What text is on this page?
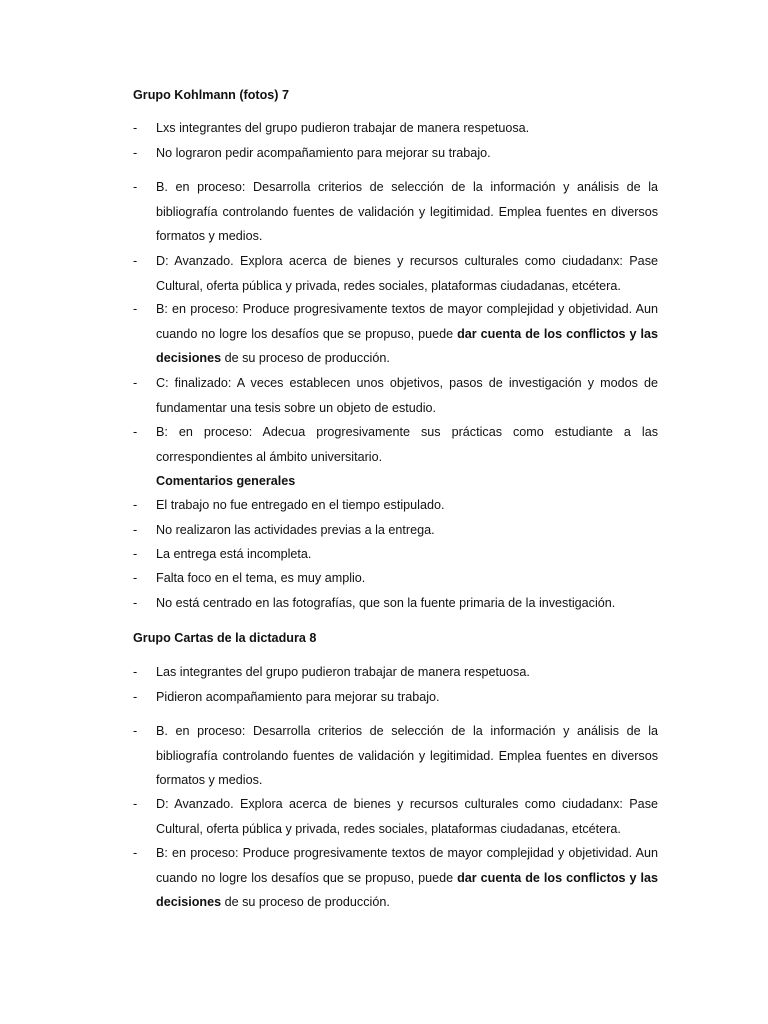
Grupo Kohlmann (fotos) 7
-	Lxs integrantes del grupo pudieron trabajar de manera respetuosa.
-	No lograron pedir acompañamiento para mejorar su trabajo.
-	B. en proceso: Desarrolla criterios de selección de la información y análisis de la bibliografía controlando fuentes de validación y legitimidad. Emplea fuentes en diversos formatos y medios.
-	D: Avanzado. Explora acerca de bienes y recursos culturales como ciudadanx: Pase Cultural, oferta pública y privada, redes sociales, plataformas ciudadanas, etcétera.
-	B: en proceso: Produce progresivamente textos de mayor complejidad y objetividad. Aun cuando no logre los desafíos que se propuso, puede dar cuenta de los conflictos y las decisiones de su proceso de producción.
-	C: finalizado: A veces establecen unos objetivos, pasos de investigación y modos de fundamentar una tesis sobre un objeto de estudio.
-	B: en proceso: Adecua progresivamente sus prácticas como estudiante a las correspondientes al ámbito universitario.
Comentarios generales
-	El trabajo no fue entregado en el tiempo estipulado.
-	No realizaron las actividades previas a la entrega.
-	La entrega está incompleta.
-	Falta foco en el tema, es muy amplio.
-	No está centrado en las fotografías, que son la fuente primaria de la investigación.
Grupo Cartas de la dictadura 8
-	Las integrantes del grupo pudieron trabajar de manera respetuosa.
-	Pidieron acompañamiento para mejorar su trabajo.
-	B. en proceso: Desarrolla criterios de selección de la información y análisis de la bibliografía controlando fuentes de validación y legitimidad. Emplea fuentes en diversos formatos y medios.
-	D: Avanzado. Explora acerca de bienes y recursos culturales como ciudadanx: Pase Cultural, oferta pública y privada, redes sociales, plataformas ciudadanas, etcétera.
-	B: en proceso: Produce progresivamente textos de mayor complejidad y objetividad. Aun cuando no logre los desafíos que se propuso, puede dar cuenta de los conflictos y las decisiones de su proceso de producción.
